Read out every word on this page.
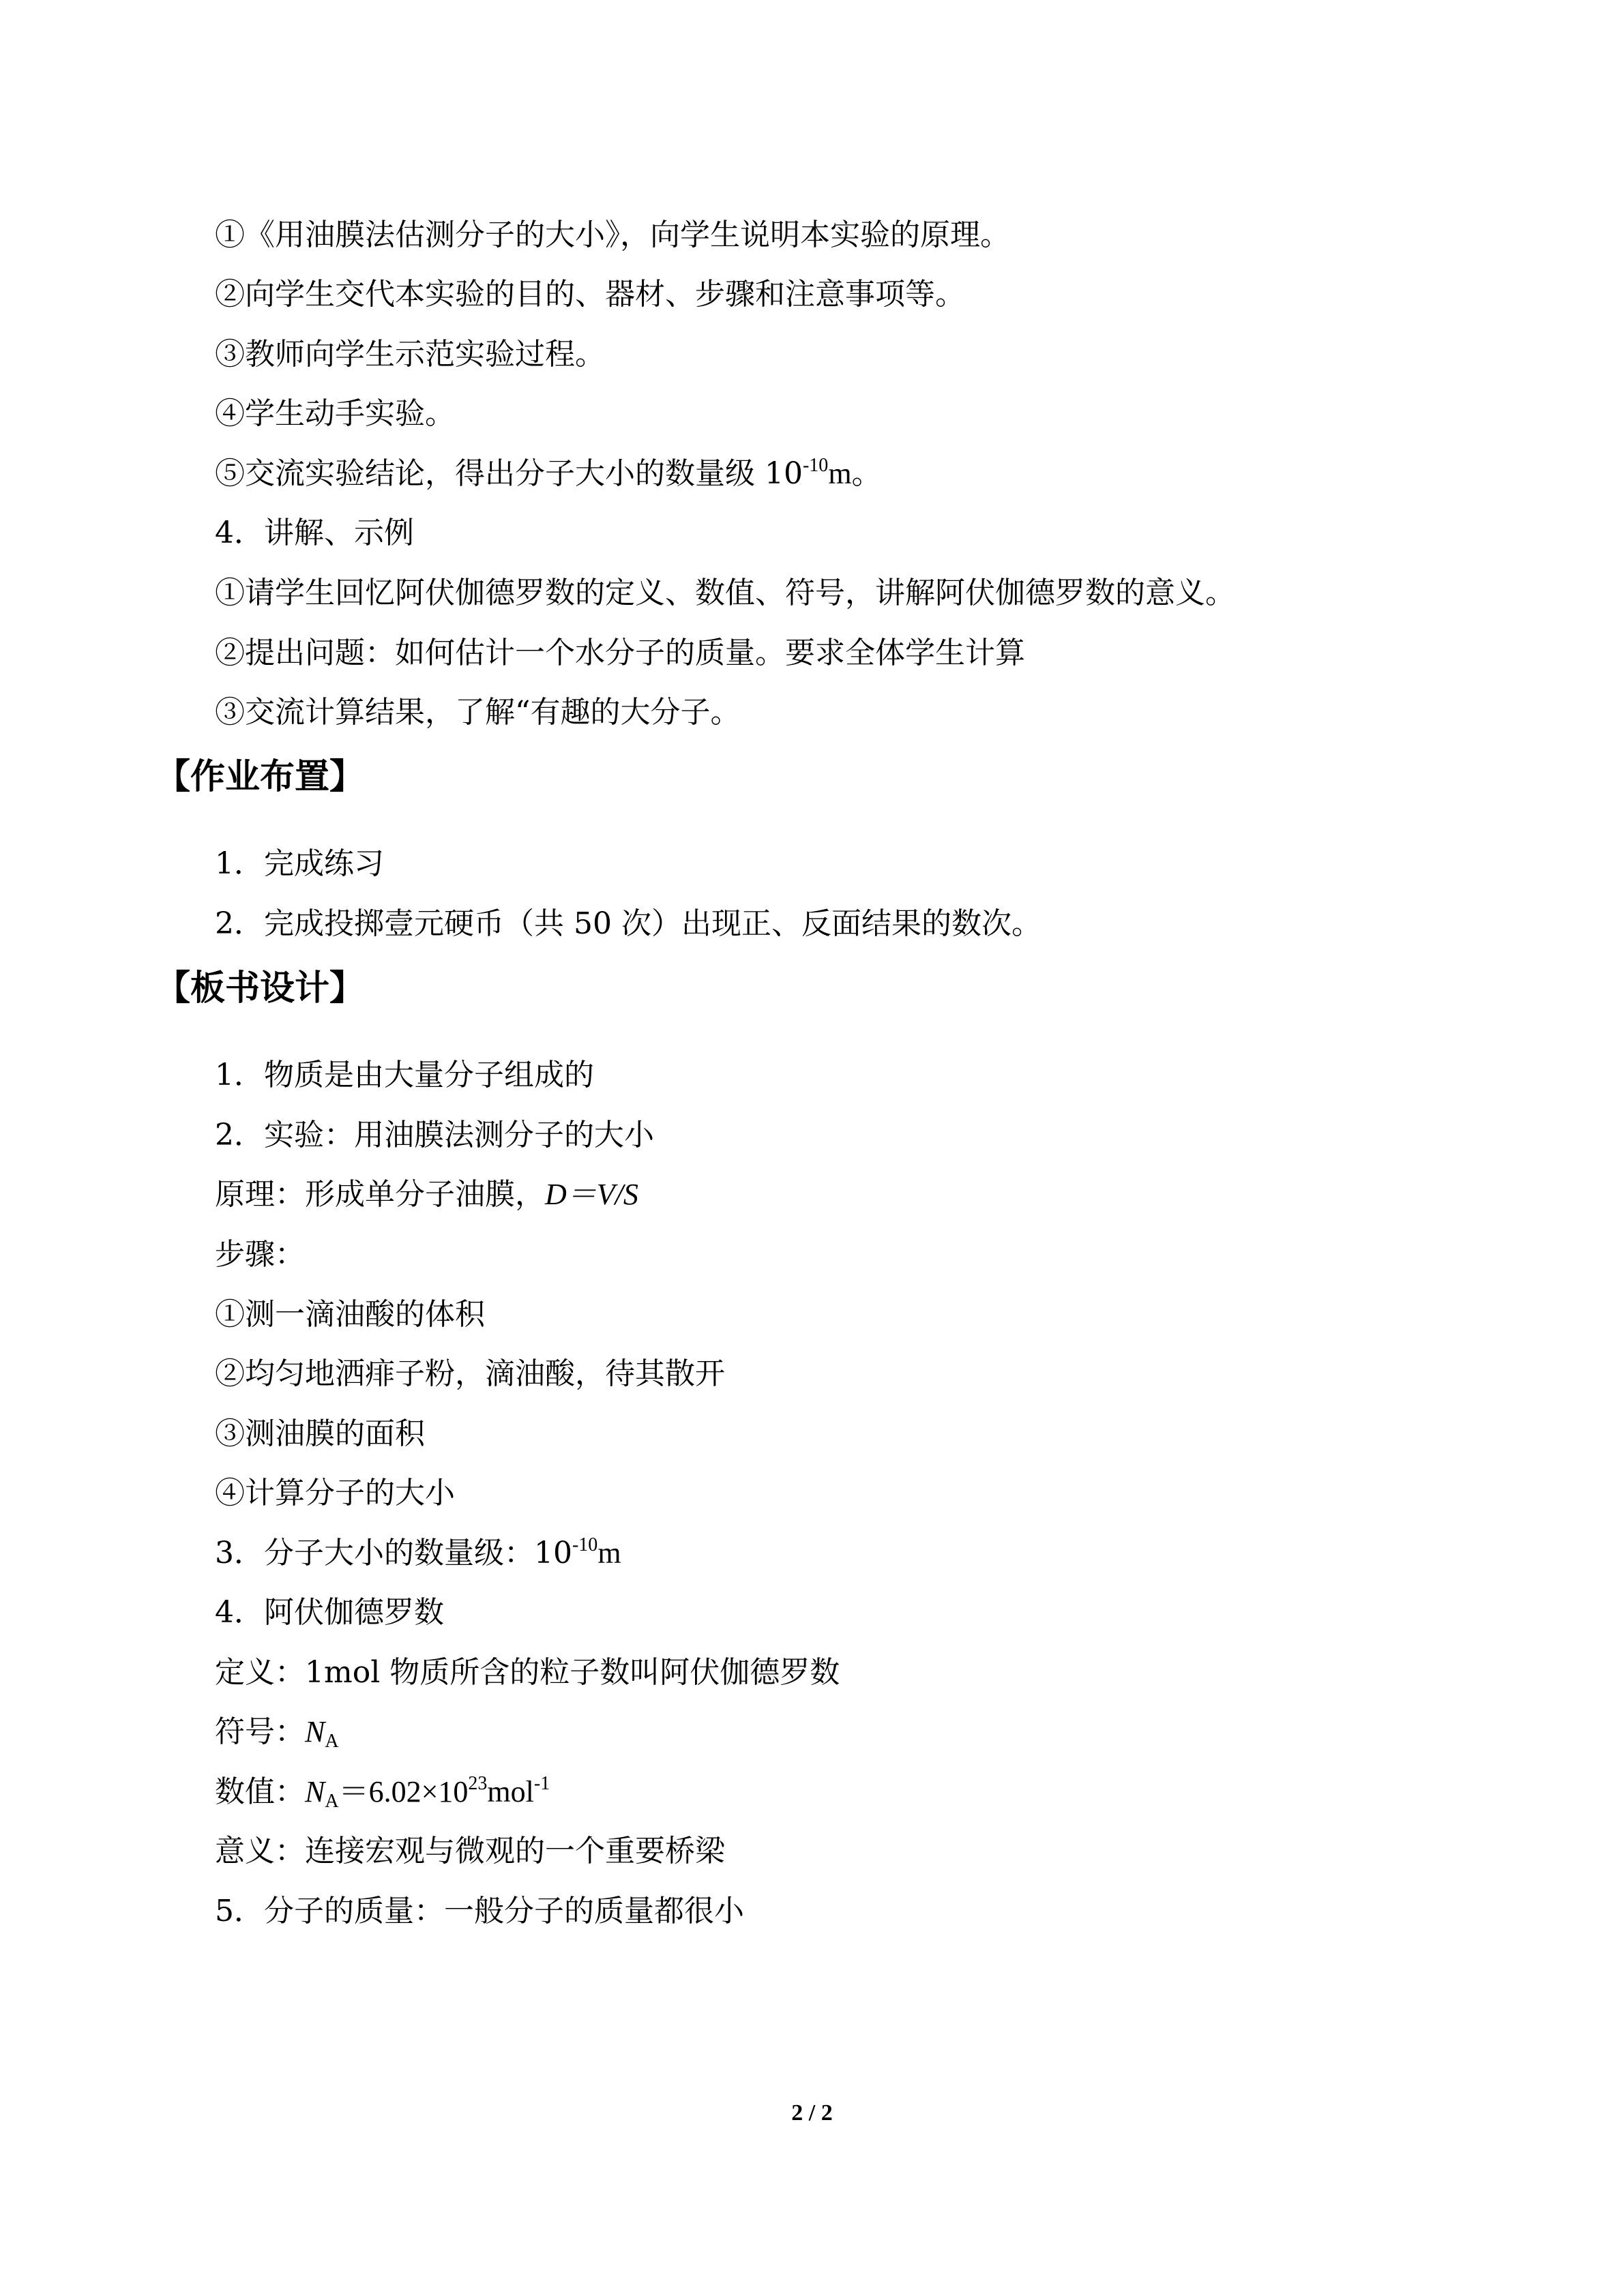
①《用油膜法估测分子的大小》，向学生说明本实验的原理。
②向学生交代本实验的目的、器材、步骤和注意事项等。
③教师向学生示范实验过程。
④学生动手实验。
⑤交流实验结论，得出分子大小的数量级 $10^{-10}m$。
4．讲解、示例
①请学生回忆阿伏伽德罗数的定义、数值、符号，讲解阿伏伽德罗数的意义。
②提出问题：如何估计一个水分子的质量。要求全体学生计算
③交流计算结果，了解“有趣的大分子。
【作业布置】
1．完成练习
2．完成投掷壹元硬币（共 50 次）出现正、反面结果的数次。
【板书设计】
1．物质是由大量分子组成的
2．实验：用油膜法测分子的大小
原理：形成单分子油膜，D＝V/S
步骤：
①测一滴油酸的体积
②均匀地洒痱子粉，滴油酸，待其散开
③测油膜的面积
④计算分子的大小
3．分子大小的数量级：$10^{-10}m$
4．阿伏伽德罗数
定义：1mol 物质所含的粒子数叫阿伏伽德罗数
符号：$N_A$
数值：$N_A=6.02\times 10^{23}mol^{-1}$
意义：连接宏观与微观的一个重要桥梁
5．分子的质量：一般分子的质量都很小
2 / 2
